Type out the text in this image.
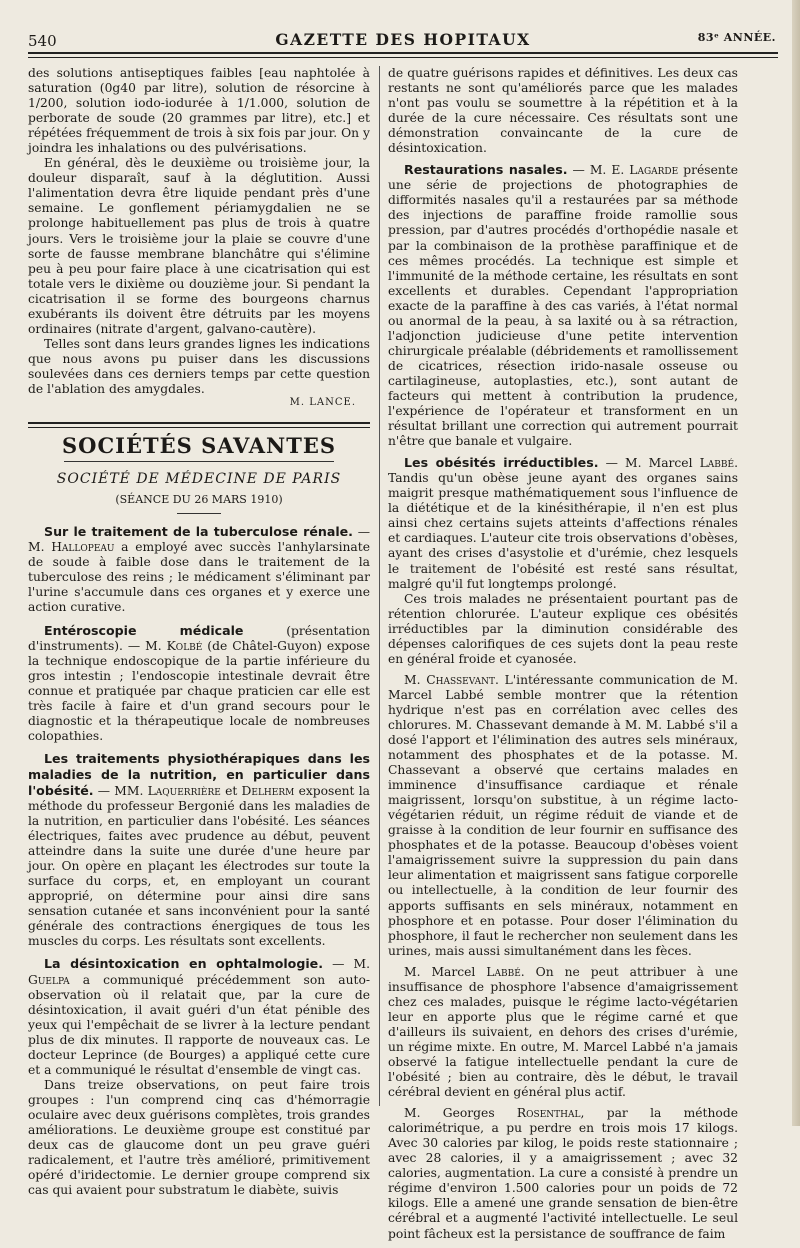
540	GAZETTE DES HOPITAUX	83ᵉ ANNÉE.

des solutions antiseptiques faibles [eau naphtolée à saturation (0g40 par litre), solution de résorcine à 1/200, solution iodo-iodurée à 1/1.000, solution de perborate de soude (20 grammes par litre), etc.] et répétées fréquemment de trois à six fois par jour. On y joindra les inhalations ou des pulvérisations.

En général, dès le deuxième ou troisième jour, la douleur disparaît, sauf à la déglutition. Aussi l'alimentation devra être liquide pendant près d'une semaine. Le gonflement périamygdalien ne se prolonge habituellement pas plus de trois à quatre jours. Vers le troisième jour la plaie se couvre d'une sorte de fausse membrane blanchâtre qui s'élimine peu à peu pour faire place à une cicatrisation qui est totale vers le dixième ou douzième jour. Si pendant la cicatrisation il se forme des bourgeons charnus exubérants ils doivent être détruits par les moyens ordinaires (nitrate d'argent, galvano-cautère).

Telles sont dans leurs grandes lignes les indications que nous avons pu puiser dans les discussions soulevées dans ces derniers temps par cette question de l'ablation des amygdales.

M. LANCE.
SOCIÉTÉS SAVANTES
SOCIÉTÉ DE MÉDECINE DE PARIS
(SÉANCE DU 26 MARS 1910)

Sur le traitement de la tuberculose rénale. — M. Hallopeau a employé avec succès l'anhylarsinate de soude à faible dose dans le traitement de la tuberculose des reins ; le médicament s'éliminant par l'urine s'accumule dans ces organes et y exerce une action curative.

Entéroscopie médicale (présentation d'instruments). — M. Kolbé (de Châtel-Guyon) expose la technique endoscopique de la partie inférieure du gros intestin ; l'endoscopie intestinale devrait être connue et pratiquée par chaque praticien car elle est très facile à faire et d'un grand secours pour le diagnostic et la thérapeutique locale de nombreuses colopathies.

Les traitements physiothérapiques dans les maladies de la nutrition, en particulier dans l'obésité. — MM. Laquerrière et Delherm exposent la méthode du professeur Bergonié dans les maladies de la nutrition, en particulier dans l'obésité. Les séances électriques, faites avec prudence au début, peuvent atteindre dans la suite une durée d'une heure par jour. On opère en plaçant les électrodes sur toute la surface du corps, et, en employant un courant approprié, on détermine pour ainsi dire sans sensation cutanée et sans inconvénient pour la santé générale des contractions énergiques de tous les muscles du corps. Les résultats sont excellents.

La désintoxication en ophtalmologie. — M. Guelpa a communiqué précédemment son auto-observation où il relatait que, par la cure de désintoxication, il avait guéri d'un état pénible des yeux qui l'empêchait de se livrer à la lecture pendant plus de dix minutes. Il rapporte de nouveaux cas. Le docteur Leprince (de Bourges) a appliqué cette cure et a communiqué le résultat d'ensemble de vingt cas.

Dans treize observations, on peut faire trois groupes : l'un comprend cinq cas d'hémorragie oculaire avec deux guérisons complètes, trois grandes améliorations. Le deuxième groupe est constitué par deux cas de glaucome dont un peu grave guéri radicalement, et l'autre très amélioré, primitivement opéré d'iridectomie. Le dernier groupe comprend six cas qui avaient pour substratum le diabète, suivis

de quatre guérisons rapides et définitives. Les deux cas restants ne sont qu'améliorés parce que les malades n'ont pas voulu se soumettre à la répétition et à la durée de la cure nécessaire. Ces résultats sont une démonstration convaincante de la cure de désintoxication.

Restaurations nasales. — M. E. Lagarde présente une série de projections de photographies de difformités nasales qu'il a restaurées par sa méthode des injections de paraffine froide ramollie sous pression, par d'autres procédés d'orthopédie nasale et par la combinaison de la prothèse paraffinique et de ces mêmes procédés. La technique est simple et l'immunité de la méthode certaine, les résultats en sont excellents et durables. Cependant l'appropriation exacte de la paraffine à des cas variés, à l'état normal ou anormal de la peau, à sa laxité ou à sa rétraction, l'adjonction judicieuse d'une petite intervention chirurgicale préalable (débridements et ramollissement de cicatrices, résection irido-nasale osseuse ou cartilagineuse, autoplasties, etc.), sont autant de facteurs qui mettent à contribution la prudence, l'expérience de l'opérateur et transforment en un résultat brillant une correction qui autrement pourrait n'être que banale et vulgaire.

Les obésités irréductibles. — M. Marcel Labbé. Tandis qu'un obèse jeune ayant des organes sains maigrit presque mathématiquement sous l'influence de la diététique et de la kinésithérapie, il n'en est plus ainsi chez certains sujets atteints d'affections rénales et cardiaques. L'auteur cite trois observations d'obèses, ayant des crises d'asystolie et d'urémie, chez lesquels le traitement de l'obésité est resté sans résultat, malgré qu'il fut longtemps prolongé.

Ces trois malades ne présentaient pourtant pas de rétention chlorurée. L'auteur explique ces obésités irréductibles par la diminution considérable des dépenses calorifiques de ces sujets dont la peau reste en général froide et cyanosée.

M. Chassevant. L'intéressante communication de M. Marcel Labbé semble montrer que la rétention hydrique n'est pas en corrélation avec celles des chlorures. M. Chassevant demande à M. M. Labbé s'il a dosé l'apport et l'élimination des autres sels minéraux, notamment des phosphates et de la potasse. M. Chassevant a observé que certains malades en imminence d'insuffisance cardiaque et rénale maigrissent, lorsqu'on substitue, à un régime lacto-végétarien réduit, un régime réduit de viande et de graisse à la condition de leur fournir en suffisance des phosphates et de la potasse. Beaucoup d'obèses voient l'amaigrissement suivre la suppression du pain dans leur alimentation et maigrissent sans fatigue corporelle ou intellectuelle, à la condition de leur fournir des apports suffisants en sels minéraux, notamment en phosphore et en potasse. Pour doser l'élimination du phosphore, il faut le rechercher non seulement dans les urines, mais aussi simultanément dans les fèces.

M. Marcel Labbé. On ne peut attribuer à une insuffisance de phosphore l'absence d'amaigrissement chez ces malades, puisque le régime lacto-végétarien leur en apporte plus que le régime carné et que d'ailleurs ils suivaient, en dehors des crises d'urémie, un régime mixte. En outre, M. Marcel Labbé n'a jamais observé la fatigue intellectuelle pendant la cure de l'obésité ; bien au contraire, dès le début, le travail cérébral devient en général plus actif.

M. Georges Rosenthal, par la méthode calorimétrique, a pu perdre en trois mois 17 kilogs. Avec 30 calories par kilog, le poids reste stationnaire ; avec 28 calories, il y a amaigrissement ; avec 32 calories, augmentation. La cure a consisté à prendre un régime d'environ 1.500 calories pour un poids de 72 kilogs. Elle a amené une grande sensation de bien-être cérébral et a augmenté l'activité intellectuelle. Le seul point fâcheux est la persistance de souffrance de faim
